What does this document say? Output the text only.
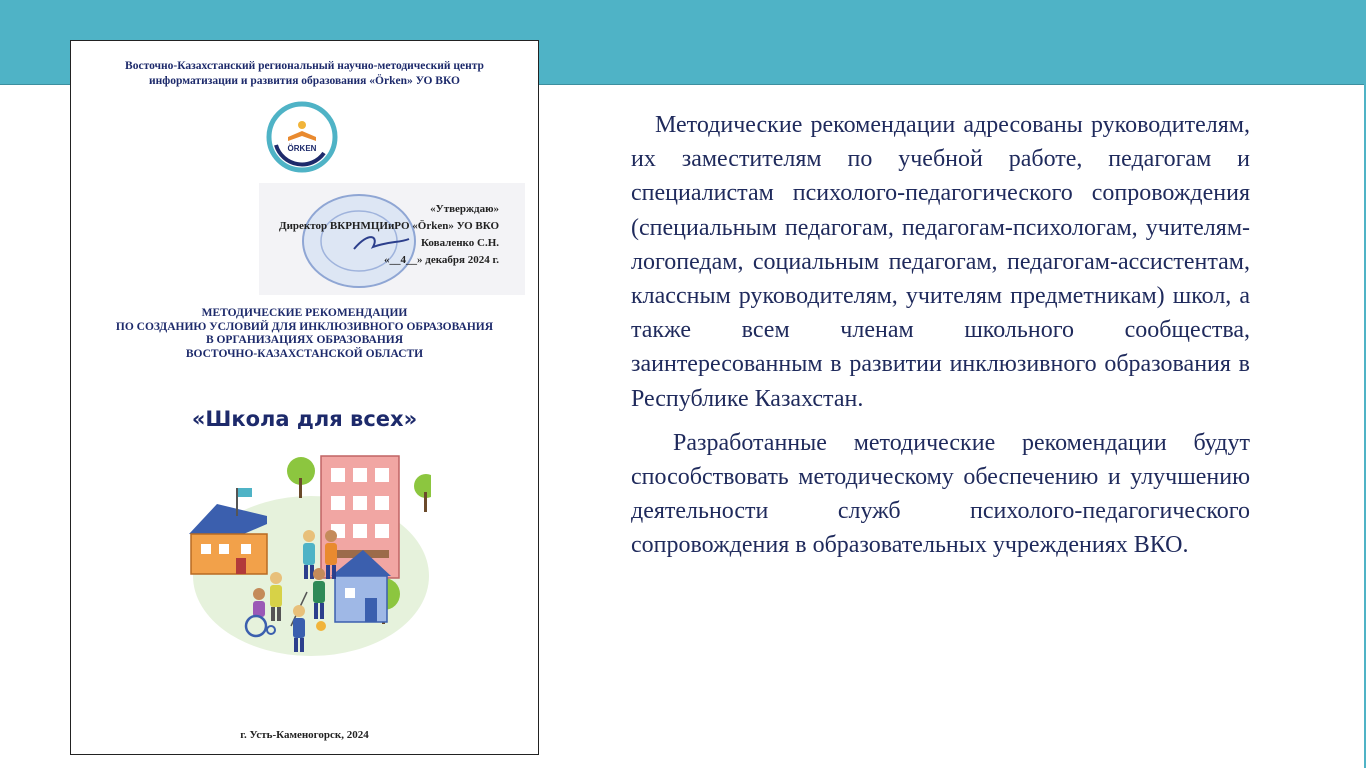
Восточно-Казахстанский региональный научно-методический центр
информатизации и развития образования «Örken» УО ВКО
ÖRKEN
«Утверждаю»
Директор ВКРНМЦИиРО «Örken» УО ВКО
Коваленко С.Н.
«__4__» декабря 2024 г.
МЕТОДИЧЕСКИЕ РЕКОМЕНДАЦИИ
ПО СОЗДАНИЮ УСЛОВИЙ ДЛЯ ИНКЛЮЗИВНОГО ОБРАЗОВАНИЯ
В ОРГАНИЗАЦИЯХ ОБРАЗОВАНИЯ
ВОСТОЧНО-КАЗАХСТАНСКОЙ ОБЛАСТИ
«Школа для всех»
г. Усть-Каменогорск, 2024

Методические рекомендации адресованы руководителям, их заместителям по учебной работе, педагогам и специалистам психолого-педагогического сопровождения (специальным педагогам, педагогам-психологам, учителям-логопедам, социальным педагогам, педагогам-ассистентам, классным руководителям, учителям предметникам) школ, а также всем членам школьного сообщества, заинтересованным в развитии инклюзивного образования в Республике Казахстан.

Разработанные методические рекомендации будут способствовать методическому обеспечению и улучшению деятельности служб психолого-педагогического сопровождения в образовательных учреждениях ВКО.
